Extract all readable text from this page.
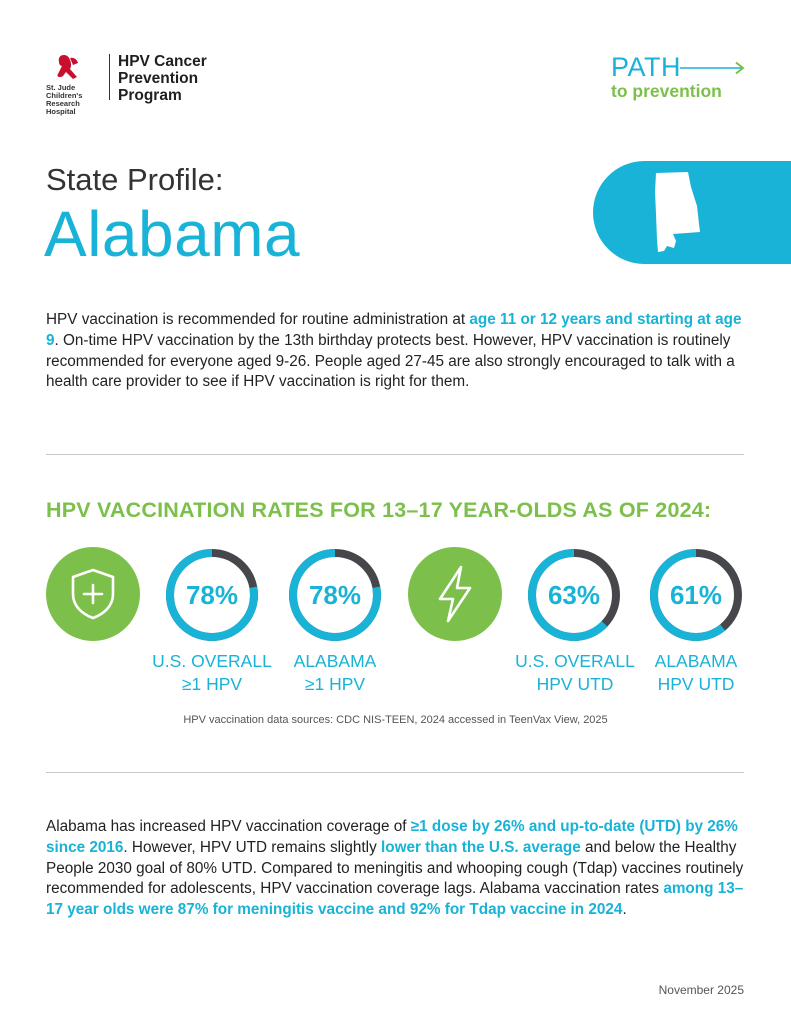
St. Jude Children's Research Hospital
HPV Cancer
Prevention
Program
PATH
to prevention
State Profile:
Alabama
HPV vaccination is recommended for routine administration at age 11 or 12 years and starting at age 9. On-time HPV vaccination by the 13th birthday protects best. However, HPV vaccination is routinely recommended for everyone aged 9-26. People aged 27-45 are also strongly encouraged to talk with a health care provider to see if HPV vaccination is right for them.
HPV VACCINATION RATES FOR 13–17 YEAR-OLDS AS OF 2024:
78%	78%	63%	61%
U.S. OVERALL
≥1 HPV
ALABAMA
≥1 HPV
U.S. OVERALL
HPV UTD
ALABAMA
HPV UTD
HPV vaccination data sources: CDC NIS-TEEN, 2024 accessed in TeenVax View, 2025
Alabama has increased HPV vaccination coverage of ≥1 dose by 26% and up-to-date (UTD) by 26% since 2016. However, HPV UTD remains slightly lower than the U.S. average and below the Healthy People 2030 goal of 80% UTD. Compared to meningitis and whooping cough (Tdap) vaccines routinely recommended for adolescents, HPV vaccination coverage lags. Alabama vaccination rates among 13–17 year olds were 87% for meningitis vaccine and 92% for Tdap vaccine in 2024.
November 2025
